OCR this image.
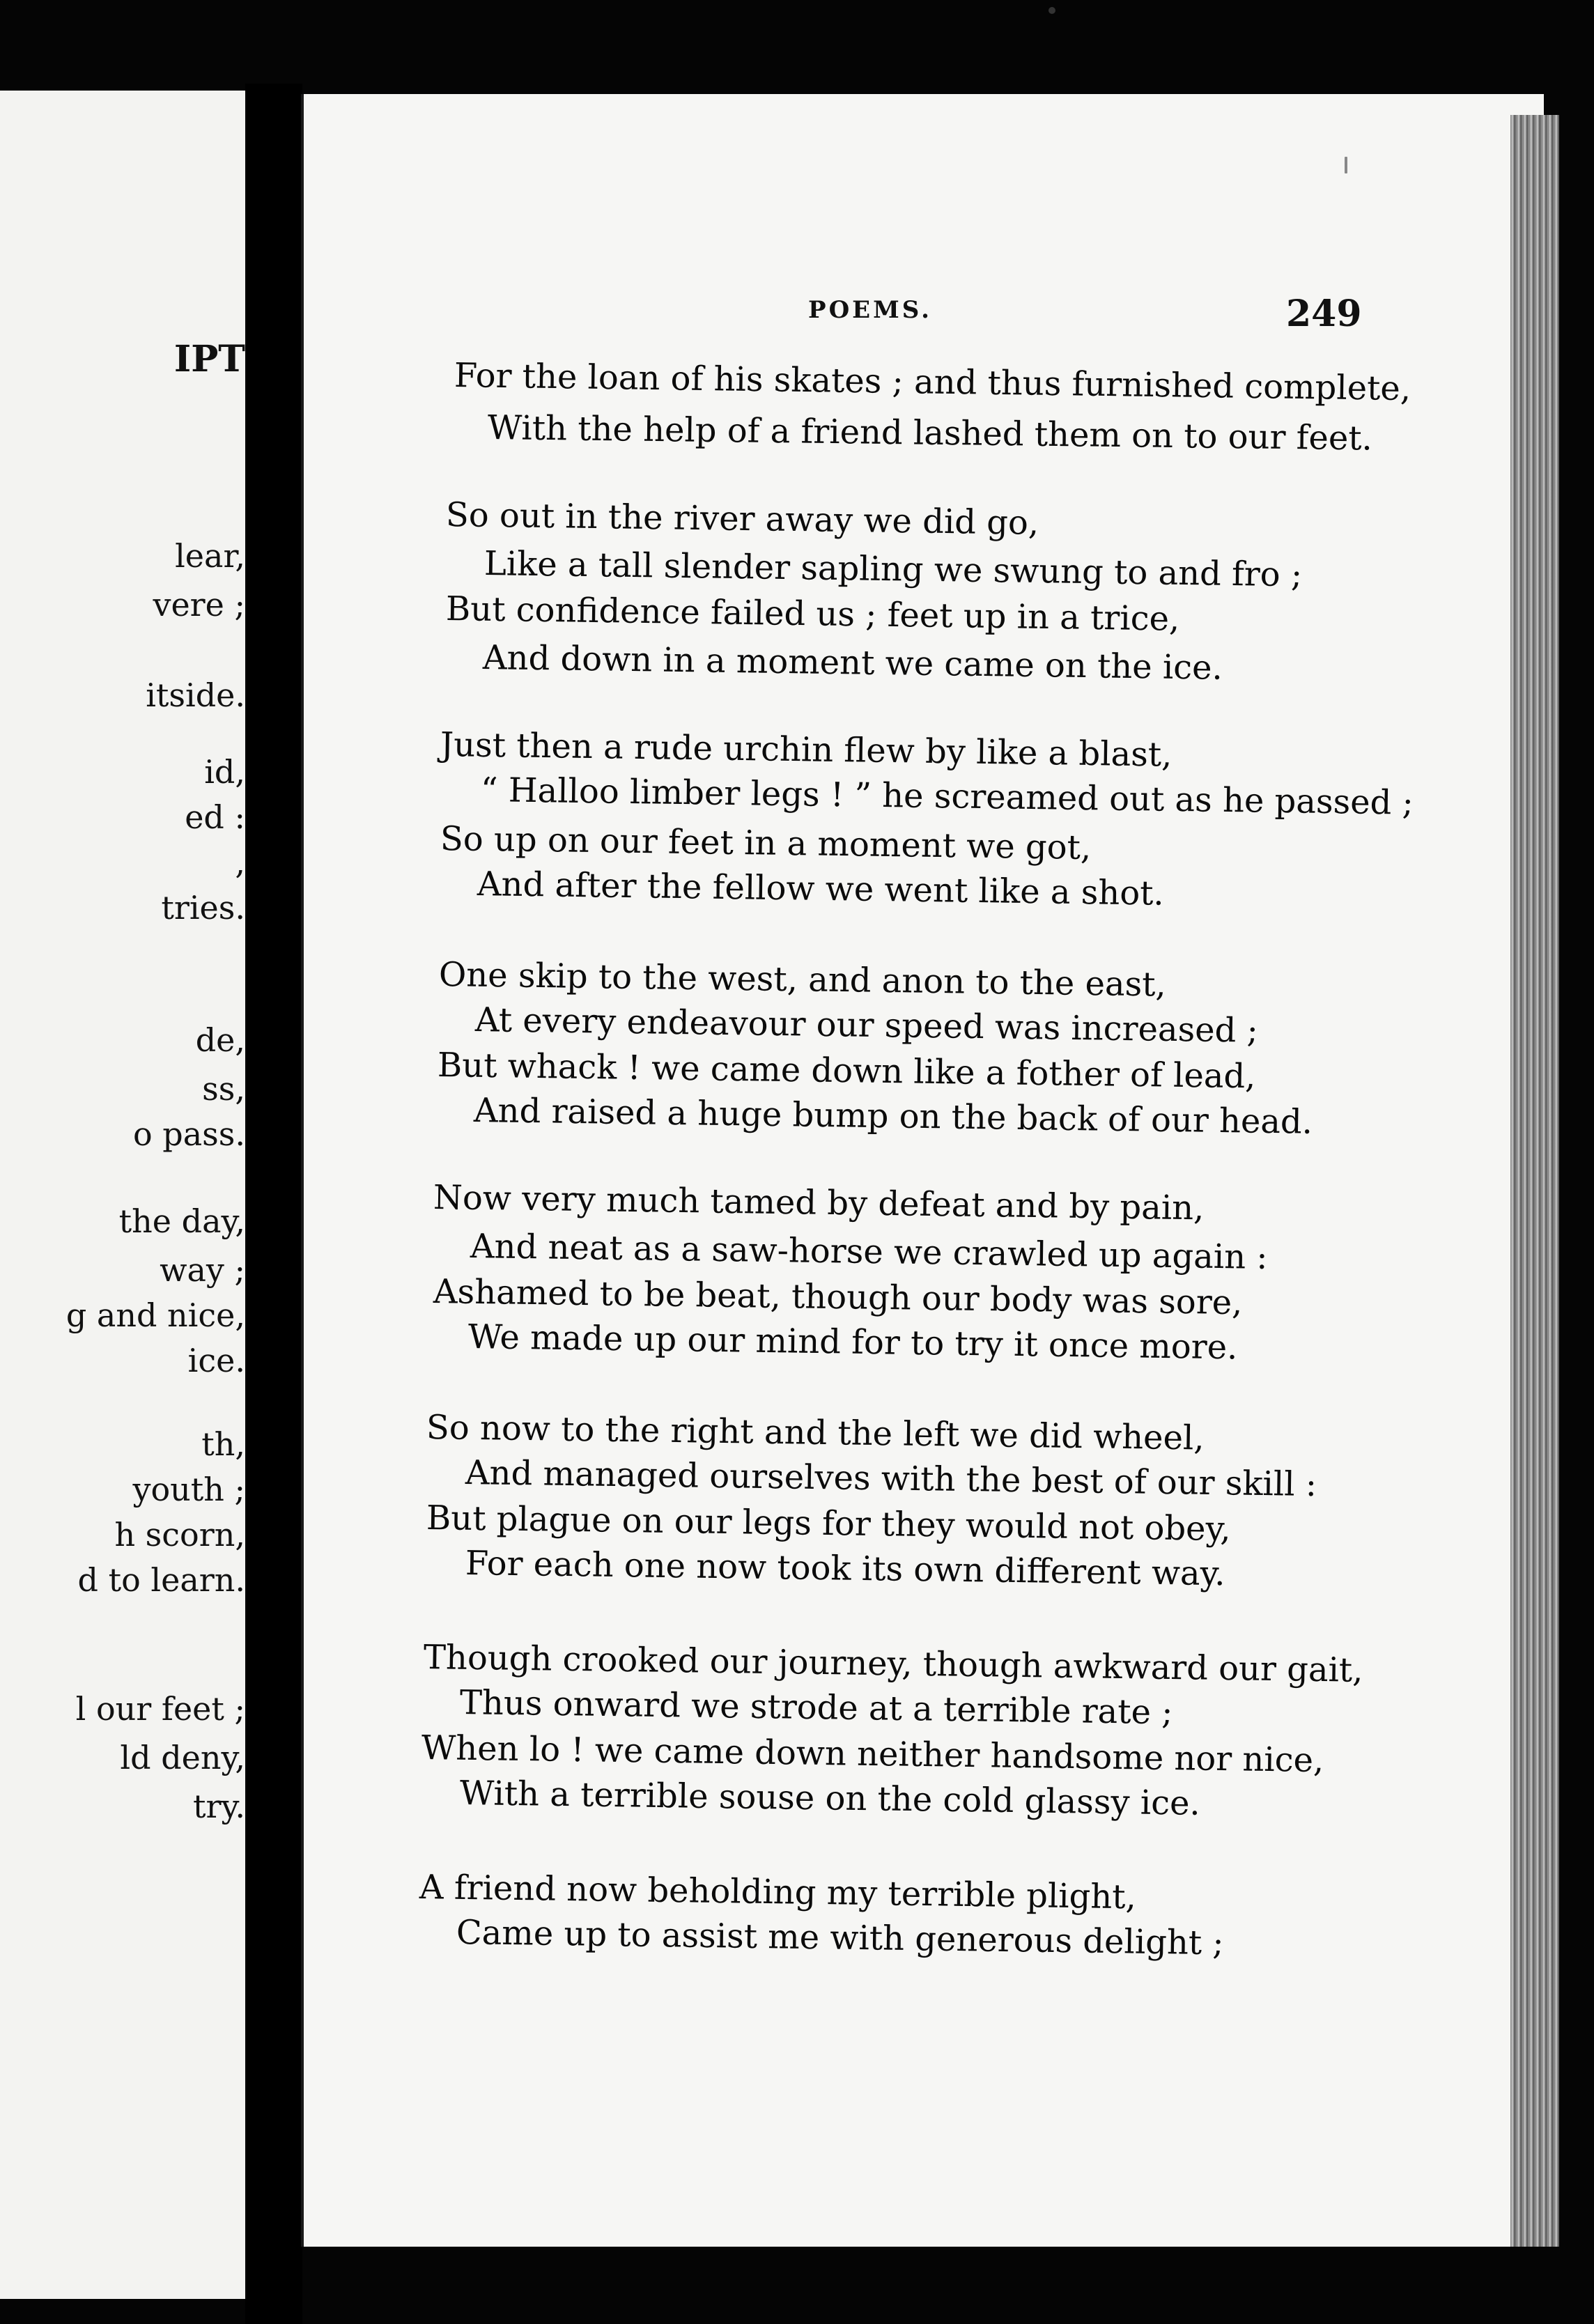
IPT
lear,
vere ;
itside.
id,
ed :
,
tries.
de,
ss,
o pass.
the day,
way ;
g and nice,
ice.
th,
youth ;
h scorn,
d to learn.
l our feet ;
ld deny,
try.
POEMS.	249
For the loan of his skates ; and thus furnished complete,
With the help of a friend lashed them on to our feet.
So out in the river away we did go,
Like a tall slender sapling we swung to and fro ;
But confidence failed us ; feet up in a trice,
And down in a moment we came on the ice.
Just then a rude urchin flew by like a blast,
“ Halloo limber legs ! ” he screamed out as he passed ;
So up on our feet in a moment we got,
And after the fellow we went like a shot.
One skip to the west, and anon to the east,
At every endeavour our speed was increased ;
But whack ! we came down like a fother of lead,
And raised a huge bump on the back of our head.
Now very much tamed by defeat and by pain,
And neat as a saw-horse we crawled up again :
Ashamed to be beat, though our body was sore,
We made up our mind for to try it once more.
So now to the right and the left we did wheel,
And managed ourselves with the best of our skill :
But plague on our legs for they would not obey,
For each one now took its own different way.
Though crooked our journey, though awkward our gait,
Thus onward we strode at a terrible rate ;
When lo ! we came down neither handsome nor nice,
With a terrible souse on the cold glassy ice.
A friend now beholding my terrible plight,
Came up to assist me with generous delight ;
